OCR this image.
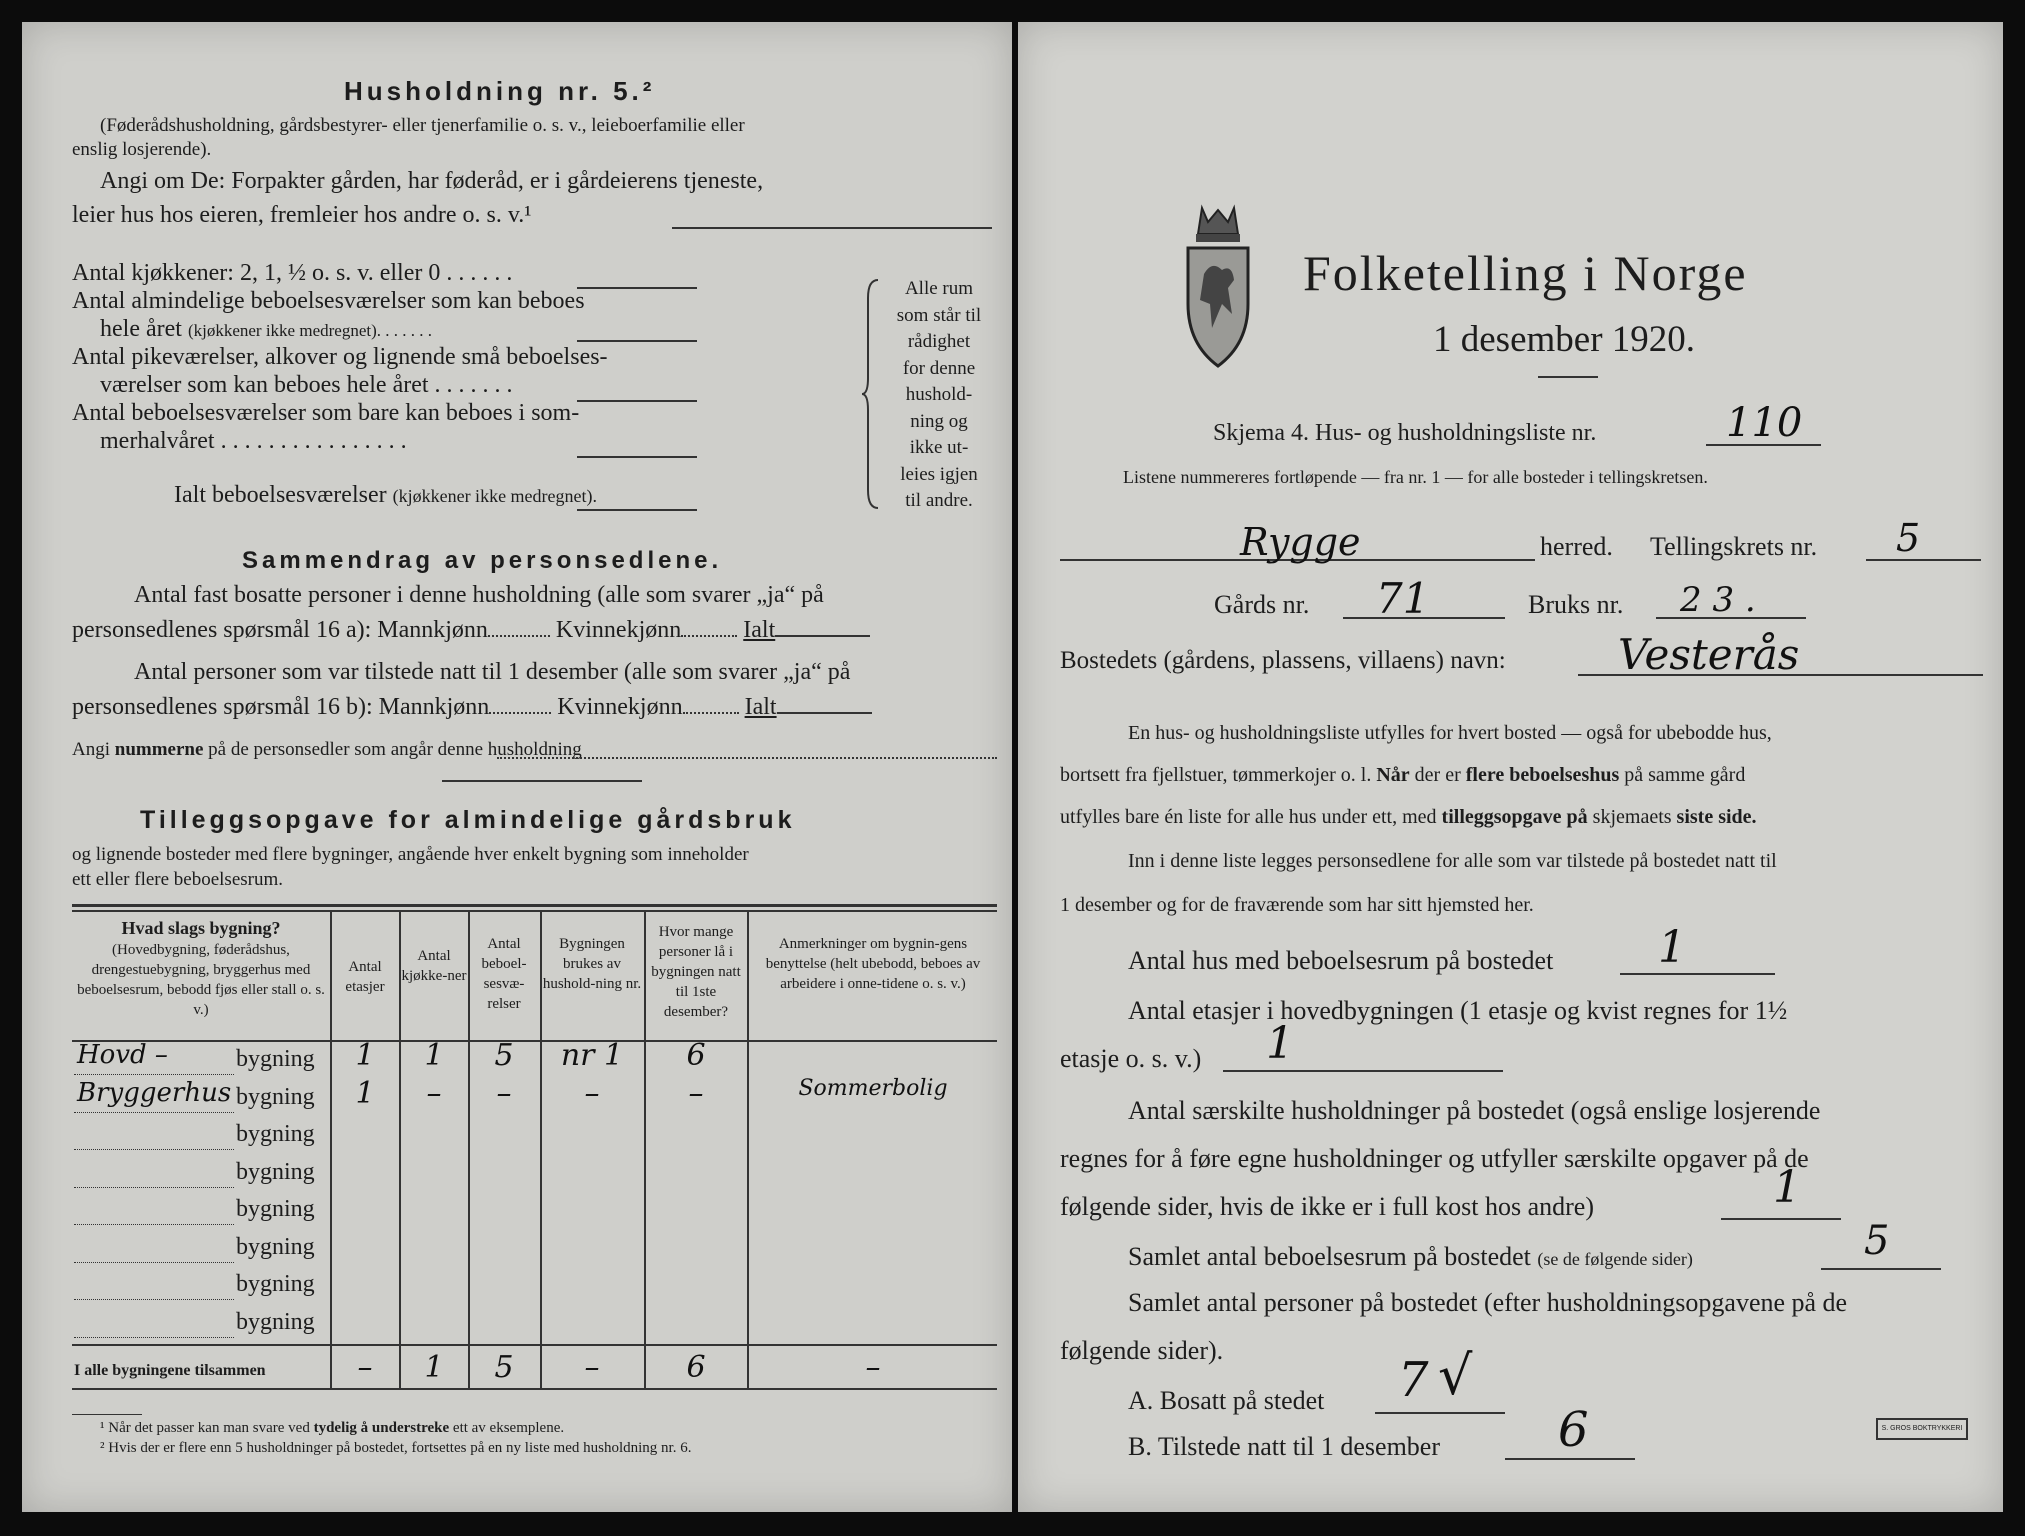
Husholdning nr. 5.²
(Føderådshusholdning, gårdsbestyrer- eller tjenerfamilie o. s. v., leieboerfamilie eller
enslig losjerende).
Angi om De: Forpakter gården, har føderåd, er i gårdeierens tjeneste,
leier hus hos eieren, fremleier hos andre o. s. v.¹
Antal kjøkkener: 2, 1, ½ o. s. v. eller 0 . . . . . .
Antal almindelige beboelsesværelser som kan beboes
hele året (kjøkkener ikke medregnet). . . . . . .
Antal pikeværelser, alkover og lignende små beboelses-
værelser som kan beboes hele året . . . . . . .
Antal beboelsesværelser som bare kan beboes i som-
merhalvåret . . . . . . . . . . . . . . . .
Ialt beboelsesværelser (kjøkkener ikke medregnet).
Alle rum
som står til
rådighet
for denne
hushold-
ning og
ikke ut-
leies igjen
til andre.
Sammendrag av personsedlene.
Antal fast bosatte personer i denne husholdning (alle som svarer „ja“ på
personsedlenes spørsmål 16 a): Mannkjønn	Kvinnekjønn	Ialt
Antal personer som var tilstede natt til 1 desember (alle som svarer „ja“ på
personsedlenes spørsmål 16 b): Mannkjønn	Kvinnekjønn	Ialt
Angi nummerne på de personsedler som angår denne husholdning
Tilleggsopgave for almindelige gårdsbruk
og lignende bosteder med flere bygninger, angående hver enkelt bygning som inneholder
ett eller flere beboelsesrum.
Hvad slags bygning?
(Hovedbygning, føderådshus, drengestuebygning, bryggerhus med beboelsesrum, bebodd fjøs eller stall o. s. v.)
Antal etasjer
Antal kjøkke-ner
Antal beboel-sesvæ-relser
Bygningen brukes av hushold-ning nr.
Hvor mange personer lå i bygningen natt til 1ste desember?
Anmerkninger om bygnin-gens benyttelse (helt ubebodd, beboes av arbeidere i onne-tidene o. s. v.)
Hovd –	bygning	1	1	5	nr 1	6
Bryggerhus bygning	1	–	–	–	–	Sommerbolig
bygning
bygning
bygning
bygning
bygning
bygning
I alle bygningene tilsammen	–	1	5	–	6	–
¹ Når det passer kan man svare ved tydelig å understreke ett av eksemplene.
² Hvis der er flere enn 5 husholdninger på bostedet, fortsettes på en ny liste med husholdning nr. 6.
Folketelling i Norge
1 desember 1920.
Skjema 4. Hus- og husholdningsliste nr.	110
Listene nummereres fortløpende — fra nr. 1 — for alle bosteder i tellingskretsen.
Rygge	herred. Tellingskrets nr. 5
Gårds nr. 71	Bruks nr. 2 3 .
Bostedets (gårdens, plassens, villaens) navn:	Vesterås
En hus- og husholdningsliste utfylles for hvert bosted — også for ubebodde hus,
bortsett fra fjellstuer, tømmerkojer o. l. Når der er flere beboelseshus på samme gård
utfylles bare én liste for alle hus under ett, med tilleggsopgave på skjemaets siste side.
Inn i denne liste legges personsedlene for alle som var tilstede på bostedet natt til
1 desember og for de fraværende som har sitt hjemsted her.
Antal hus med beboelsesrum på bostedet 1
Antal etasjer i hovedbygningen (1 etasje og kvist regnes for 1½
etasje o. s. v.) 1
Antal særskilte husholdninger på bostedet (også enslige losjerende
regnes for å føre egne husholdninger og utfyller særskilte opgaver på de
følgende sider, hvis de ikke er i full kost hos andre)	1
Samlet antal beboelsesrum på bostedet (se de følgende sider)	5
Samlet antal personer på bostedet (efter husholdningsopgavene på de
følgende sider).
A. Bosatt på stedet 7 √
B. Tilstede natt til 1 desember 6	S. GROS BOKTRYKKERI
